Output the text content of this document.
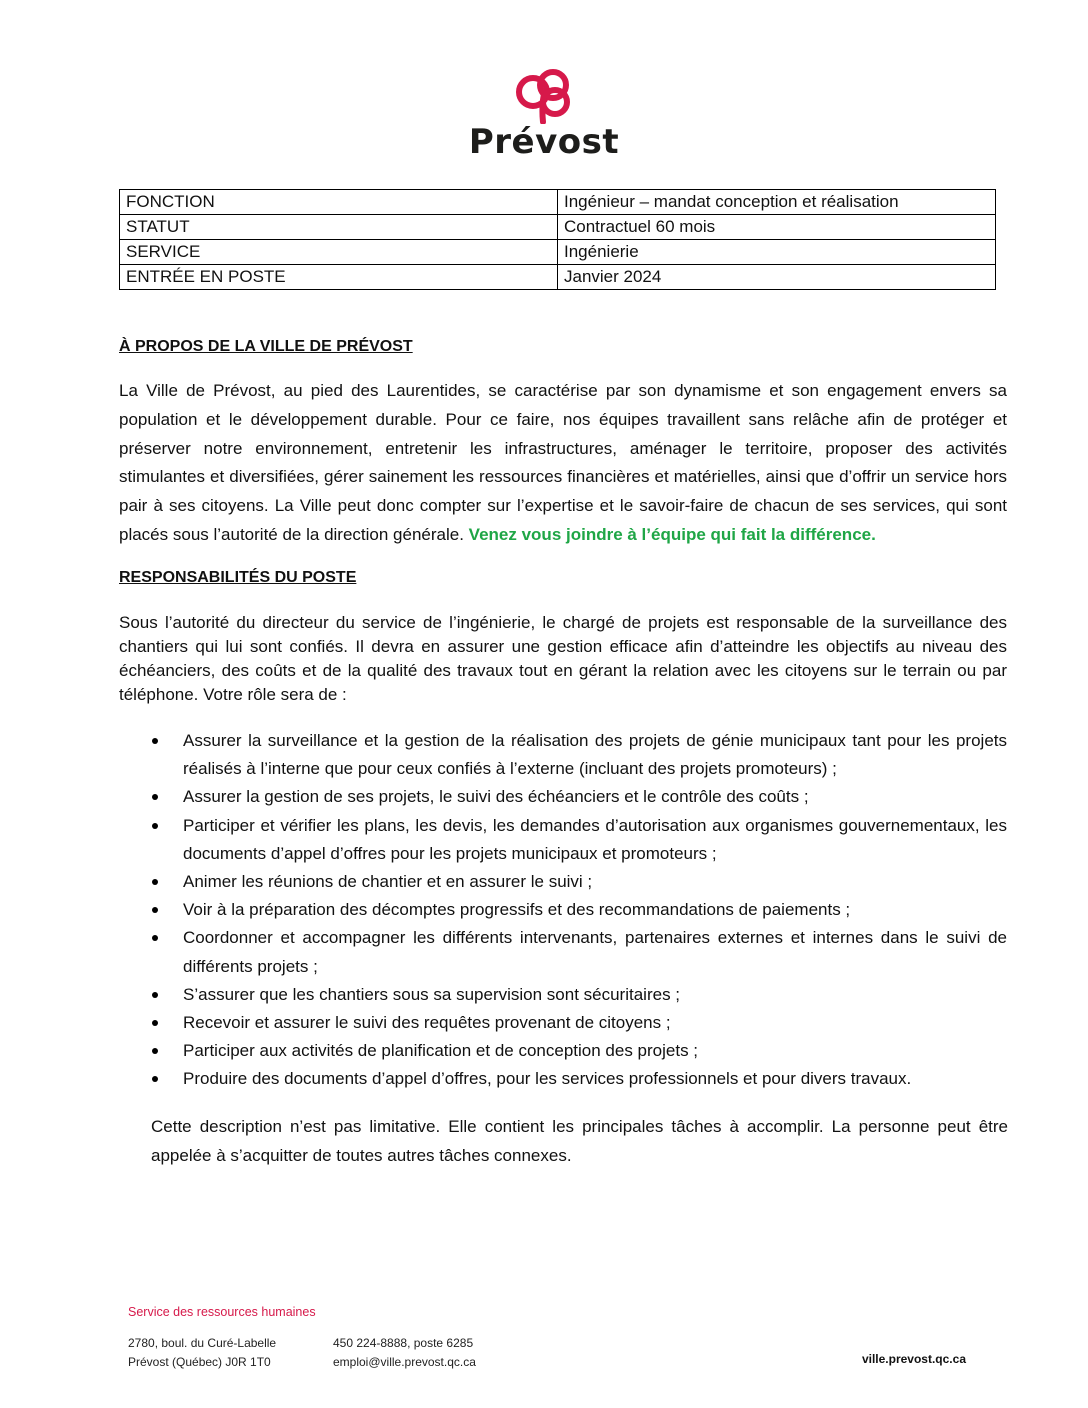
Prévost
FONCTION	Ingénieur – mandat conception et réalisation
STATUT	Contractuel 60 mois
SERVICE	Ingénierie
ENTRÉE EN POSTE	Janvier 2024
À PROPOS DE LA VILLE DE PRÉVOST
La Ville de Prévost, au pied des Laurentides, se caractérise par son dynamisme et son engagement envers sa population et le développement durable. Pour ce faire, nos équipes travaillent sans relâche afin de protéger et préserver notre environnement, entretenir les infrastructures, aménager le territoire, proposer des activités stimulantes et diversifiées, gérer sainement les ressources financières et matérielles, ainsi que d’offrir un service hors pair à ses citoyens. La Ville peut donc compter sur l’expertise et le savoir-faire de chacun de ses services, qui sont placés sous l’autorité de la direction générale. Venez vous joindre à l’équipe qui fait la différence.
RESPONSABILITÉS DU POSTE
Sous l’autorité du directeur du service de l’ingénierie, le chargé de projets est responsable de la surveillance des chantiers qui lui sont confiés. Il devra en assurer une gestion efficace afin d’atteindre les objectifs au niveau des échéanciers, des coûts et de la qualité des travaux tout en gérant la relation avec les citoyens sur le terrain ou par téléphone. Votre rôle sera de :
Assurer la surveillance et la gestion de la réalisation des projets de génie municipaux tant pour les projets réalisés à l’interne que pour ceux confiés à l’externe (incluant des projets promoteurs) ;
Assurer la gestion de ses projets, le suivi des échéanciers et le contrôle des coûts ;
Participer et vérifier les plans, les devis, les demandes d’autorisation aux organismes gouvernementaux, les documents d’appel d’offres pour les projets municipaux et promoteurs ;
Animer les réunions de chantier et en assurer le suivi ;
Voir à la préparation des décomptes progressifs et des recommandations de paiements ;
Coordonner et accompagner les différents intervenants, partenaires externes et internes dans le suivi de différents projets ;
S’assurer que les chantiers sous sa supervision sont sécuritaires ;
Recevoir et assurer le suivi des requêtes provenant de citoyens ;
Participer aux activités de planification et de conception des projets ;
Produire des documents d’appel d’offres, pour les services professionnels et pour divers travaux.
Cette description n’est pas limitative. Elle contient les principales tâches à accomplir. La personne peut être appelée à s’acquitter de toutes autres tâches connexes.
Service des ressources humaines
2780, boul. du Curé-Labelle
Prévost (Québec) J0R 1T0
450 224-8888, poste 6285
emploi@ville.prevost.qc.ca	ville.prevost.qc.ca
